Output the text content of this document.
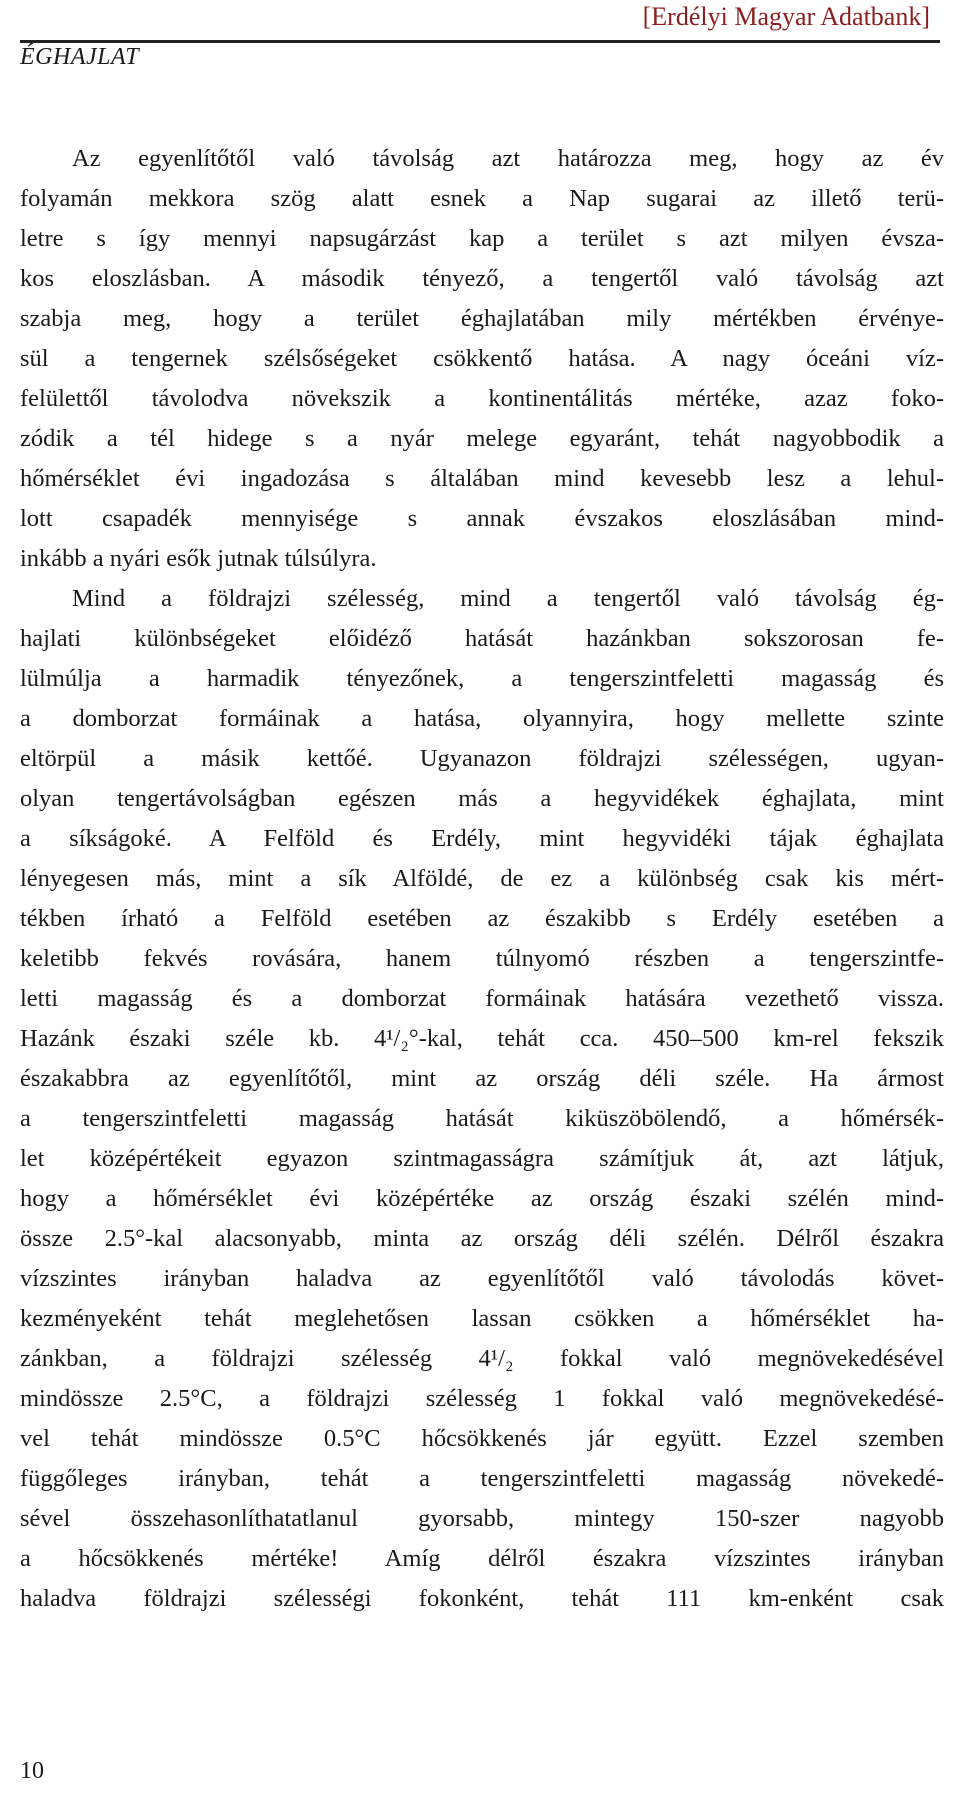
[Erdélyi Magyar Adatbank]
ÉGHAJLAT
Az egyenlítőtől való távolság azt határozza meg, hogy az év
folyamán mekkora szög alatt esnek a Nap sugarai az illető terü-
letre s így mennyi napsugárzást kap a terület s azt milyen évsza-
kos eloszlásban. A második tényező, a tengertől való távolság azt
szabja meg, hogy a terület éghajlatában mily mértékben érvénye-
sül a tengernek szélsőségeket csökkentő hatása. A nagy óceáni víz-
felülettől távolodva növekszik a kontinentálitás mértéke, azaz foko-
zódik a tél hidege s a nyár melege egyaránt, tehát nagyobbodik a
hőmérséklet évi ingadozása s általában mind kevesebb lesz a lehul-
lott csapadék mennyisége s annak évszakos eloszlásában mind-
inkább a nyári esők jutnak túlsúlyra.
Mind a földrajzi szélesség, mind a tengertől való távolság ég-
hajlati különbségeket előidéző hatását hazánkban sokszorosan fe-
lülmúlja a harmadik tényezőnek, a tengerszintfeletti magasság és
a domborzat formáinak a hatása, olyannyira, hogy mellette szinte
eltörpül a másik kettőé. Ugyanazon földrajzi szélességen, ugyan-
olyan tengertávolságban egészen más a hegyvidékek éghajlata, mint
a síkságoké. A Felföld és Erdély, mint hegyvidéki tájak éghajlata
lényegesen más, mint a sík Alföldé, de ez a különbség csak kis mért-
tékben írható a Felföld esetében az északibb s Erdély esetében a
keletibb fekvés rovására, hanem túlnyomó részben a tengerszintfe-
letti magasság és a domborzat formáinak hatására vezethető vissza.
Hazánk északi széle kb. 4¹/₂°-kal, tehát cca. 450–500 km-rel fekszik
északabbra az egyenlítőtől, mint az ország déli széle. Ha ármost
a tengerszintfeletti magasság hatását kiküszöbölendő, a hőmérsék-
let középértékeit egyazon szintmagasságra számítjuk át, azt látjuk,
hogy a hőmérséklet évi középértéke az ország északi szélén mind-
össze 2.5°-kal alacsonyabb, minta az ország déli szélén. Délről északra
vízszintes irányban haladva az egyenlítőtől való távolodás követ-
kezményeként tehát meglehetősen lassan csökken a hőmérséklet ha-
zánkban, a földrajzi szélesség 4¹/₂ fokkal való megnövekedésével
mindössze 2.5°C, a földrajzi szélesség 1 fokkal való megnövekedésé-
vel tehát mindössze 0.5°C hőcsökkenés jár együtt. Ezzel szemben
függőleges irányban, tehát a tengerszintfeletti magasság növekedé-
sével összehasonlíthatatlanul gyorsabb, mintegy 150-szer nagyobb
a hőcsökkenés mértéke! Amíg délről északra vízszintes irányban
haladva földrajzi szélességi fokonként, tehát 111 km-enként csak
10
